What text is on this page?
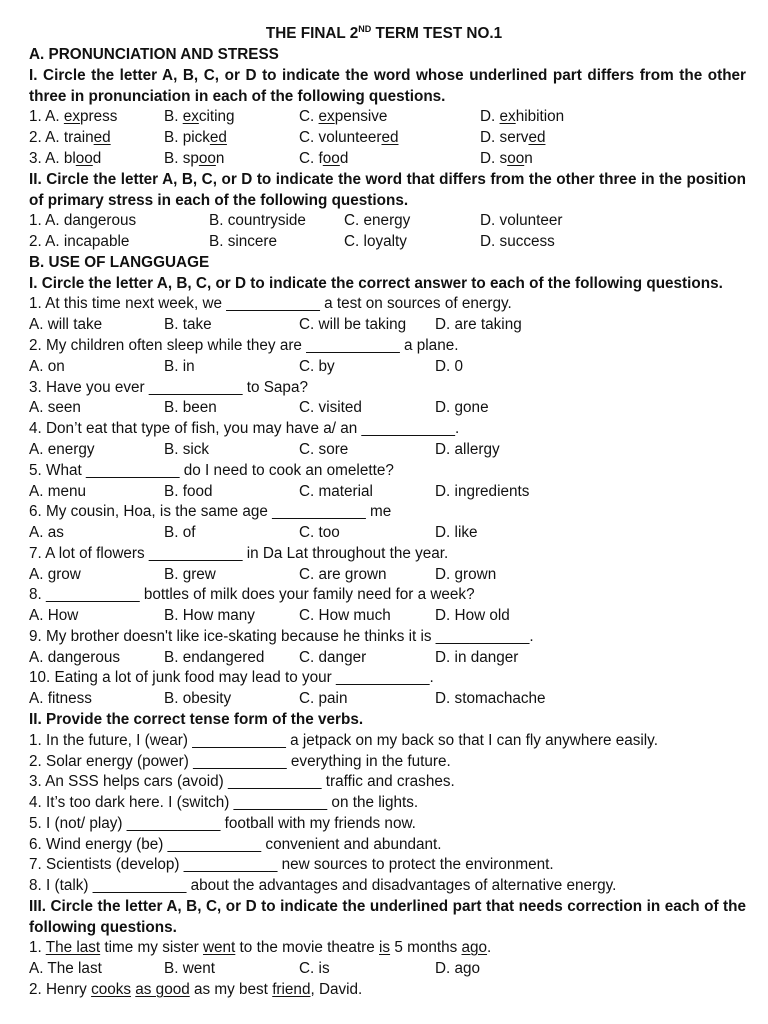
THE FINAL 2ND TERM TEST NO.1
A. PRONUNCIATION AND STRESS
I. Circle the letter A, B, C, or D to indicate the word whose underlined part differs from the other three in pronunciation in each of the following questions.
1. A. express	B. exciting	C. expensive	D. exhibition
2. A. trained	B. picked	C. volunteered	D. served
3. A. blood	B. spoon	C. food	D. soon
II. Circle the letter A, B, C, or D to indicate the word that differs from the other three in the position of primary stress in each of the following questions.
1. A. dangerous	B. countryside C. energy	D. volunteer
2. A. incapable	B. sincere	C. loyalty	D. success
B. USE OF LANGGUAGE
I. Circle the letter A, B, C, or D to indicate the correct answer to each of the following questions.
1. At this time next week, we ___________ a test on sources of energy.
A. will take	B. take	C. will be taking D. are taking
2. My children often sleep while they are ___________ a plane.
A. on	B. in	C. by	D. 0
3. Have you ever ___________ to Sapa?
A. seen	B. been	C. visited	D. gone
4. Don’t eat that type of fish, you may have a/ an ___________.
A. energy	B. sick	C. sore	D. allergy
5. What ___________ do I need to cook an omelette?
A. menu	B. food	C. material	D. ingredients
6. My cousin, Hoa, is the same age ___________ me
A. as	B. of	C. too	D. like
7. A lot of flowers ___________ in Da Lat throughout the year.
A. grow	B. grew	C. are grown	D. grown
8. ___________ bottles of milk does your family need for a week?
A. How	B. How many	C. How much	D. How old
9. My brother doesn't like ice-skating because he thinks it is ___________.
A. dangerous	B. endangered C. danger	D. in danger
10. Eating a lot of junk food may lead to your ___________.
A. fitness	B. obesity	C. pain	D. stomachache
II. Provide the correct tense form of the verbs.
1. In the future, I (wear) ___________ a jetpack on my back so that I can fly anywhere easily.
2. Solar energy (power) ___________ everything in the future.
3. An SSS helps cars (avoid) ___________ traffic and crashes.
4. It’s too dark here. I (switch) ___________ on the lights.
5. I (not/ play) ___________ football with my friends now.
6. Wind energy (be) ___________ convenient and abundant.
7. Scientists (develop) ___________ new sources to protect the environment.
8. I (talk) ___________ about the advantages and disadvantages of alternative energy.
III. Circle the letter A, B, C, or D to indicate the underlined part that needs correction in each of the following questions.
1. The last time my sister went to the movie theatre is 5 months ago.
A. The last	B. went	C. is	D. ago
2. Henry cooks as good as my best friend, David.
